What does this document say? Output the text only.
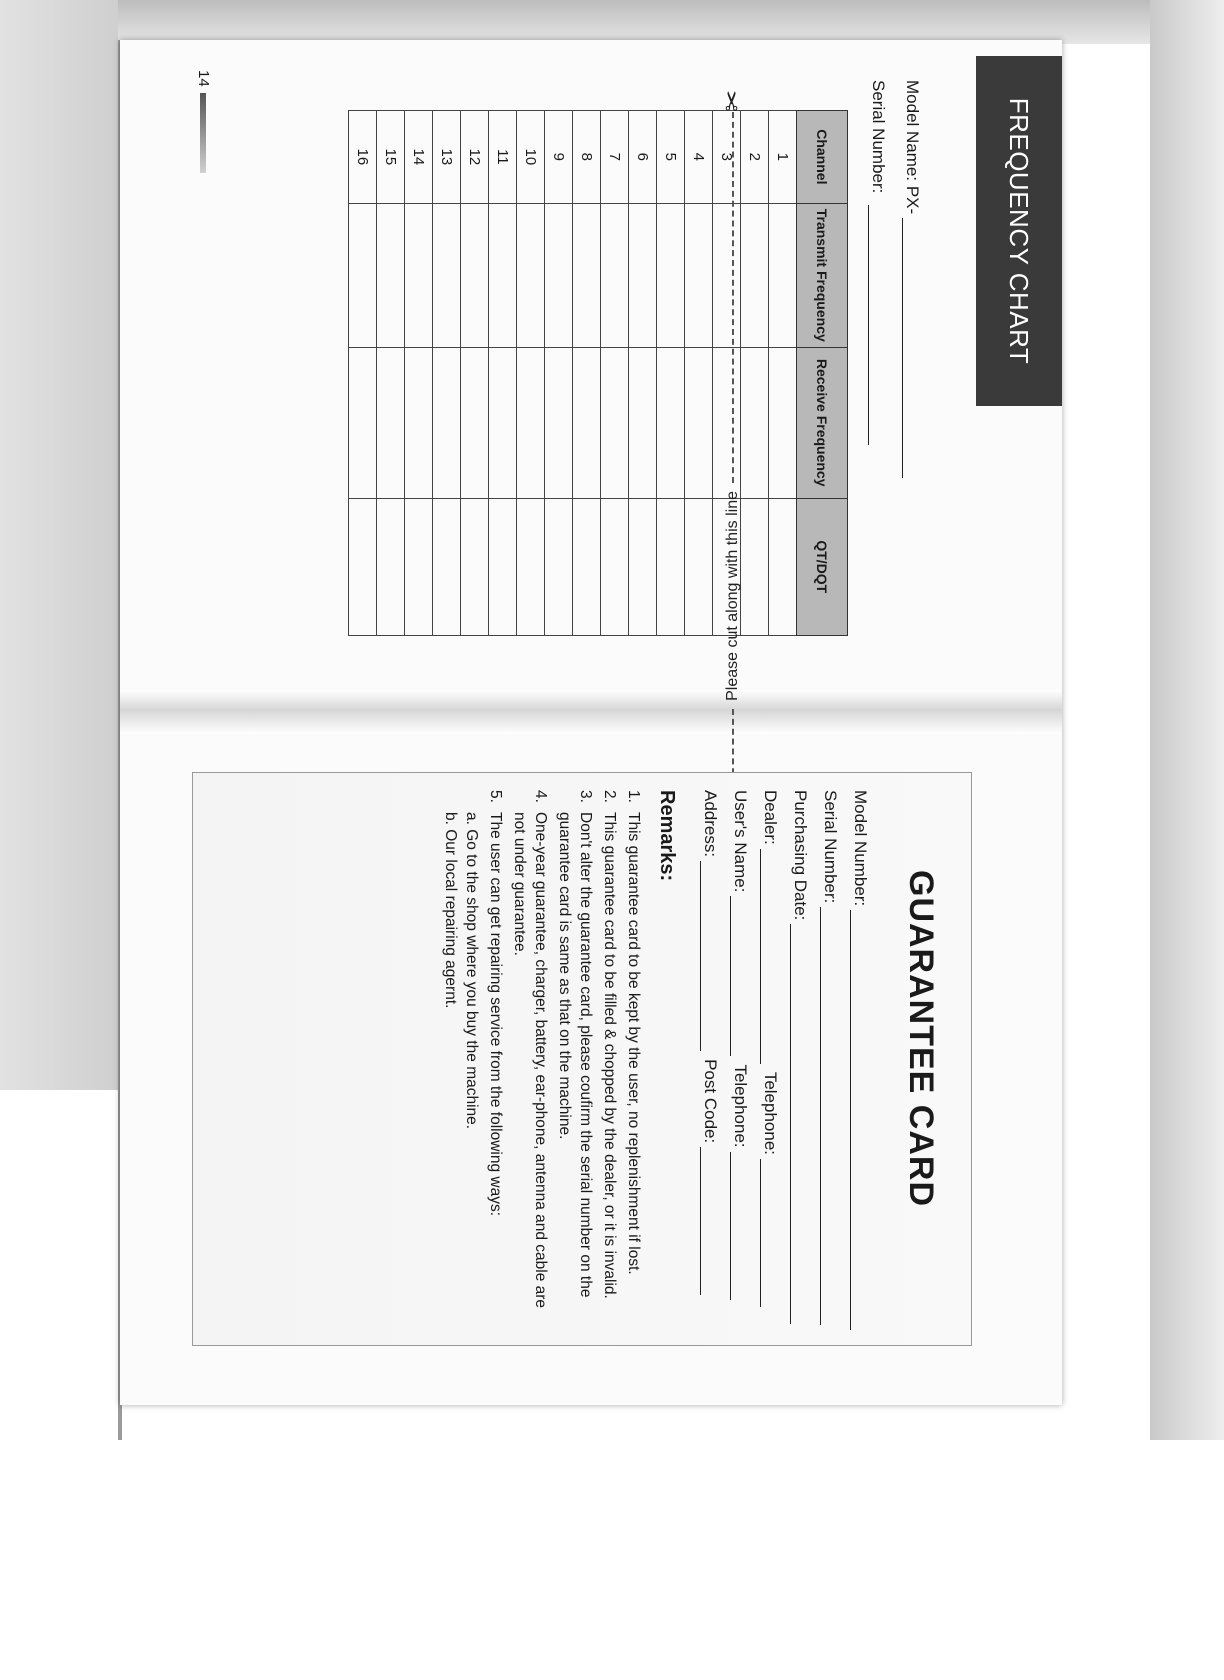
FREQUENCY CHART
Model Name: PX-
Serial Number:
Channel	Transmit Frequency	Receive Frequency	QT/DQT
1			
2			
3			
4			
5			
6			
7			
8			
9			
10			
11			
12			
13			
14			
15			
16			
14
✂
Please cut along with this line
GUARANTEE CARD
Model Number:
Serial Number:
Purchasing Date:
Dealer:
Telephone:
User's Name:
Telephone:
Address:
Post Code:
Remarks:
1.
This guarantee card to be kept by the user, no replenishment if lost.
2.
This guarantee card to be filled & chopped by the dealer, or it is invalid.
3.
Don't alter the guarantee card, please coufirm the serial number on the guarantee card is same as that on the machine.
4.
One-year guarantee, charger, battery, ear-phone, antenna and cable are not under guarantee.
5.
The user can get repairing service from the following ways:
a. Go to the shop where you buy the machine.
b. Our local repairing agernt.
